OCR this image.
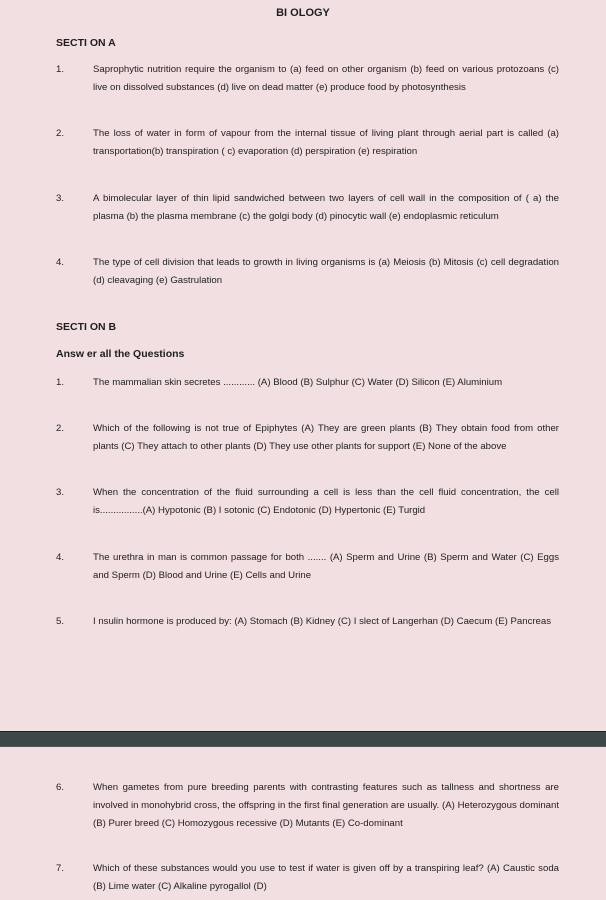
BI OLOGY
SECTI ON A
1.	Saprophytic nutrition require the organism to (a) feed on other organism (b) feed on various protozoans (c) live on dissolved substances (d) live on dead matter (e) produce food by photosynthesis
2.	The loss of water in form of vapour from the internal tissue of living plant through aerial part is called (a) transportation(b) transpiration ( c) evaporation (d) perspiration (e) respiration
3.	A bimolecular layer of thin lipid sandwiched between two layers of cell wall in the composition of ( a) the plasma (b) the plasma membrane (c) the golgi body (d) pinocytic wall (e) endoplasmic reticulum
4.	The type of cell division that leads to growth in living organisms is (a) Meiosis (b) Mitosis (c) cell degradation (d) cleavaging (e) Gastrulation
SECTI ON B
Answ er all the Questions
1.	The mammalian skin secretes ............ (A) Blood (B) Sulphur (C) Water (D) Silicon (E) Aluminium
2.	Which of the following is not true of Epiphytes (A) They are green plants (B) They obtain food from other plants (C) They attach to other plants (D) They use other plants for support (E) None of the above
3.	When the concentration of the fluid surrounding a cell is less than the cell fluid concentration, the cell is................(A) Hypotonic (B) I sotonic (C) Endotonic (D) Hypertonic (E) Turgid
4.	The urethra in man is common passage for both ....... (A) Sperm and Urine (B) Sperm and Water (C) Eggs and Sperm (D) Blood and Urine (E) Cells and Urine
5.	I nsulin hormone is produced by: (A) Stomach (B) Kidney (C) I slect of Langerhan (D) Caecum (E) Pancreas
6.	When gametes from pure breeding parents with contrasting features such as tallness and shortness are involved in monohybrid cross, the offspring in the first final generation are usually. (A) Heterozygous dominant (B) Purer breed (C) Homozygous recessive (D) Mutants (E) Co-dominant
7.	Which of these substances would you use to test if water is given off by a transpiring leaf? (A) Caustic soda (B) Lime water (C) Alkaline pyrogallol (D)
